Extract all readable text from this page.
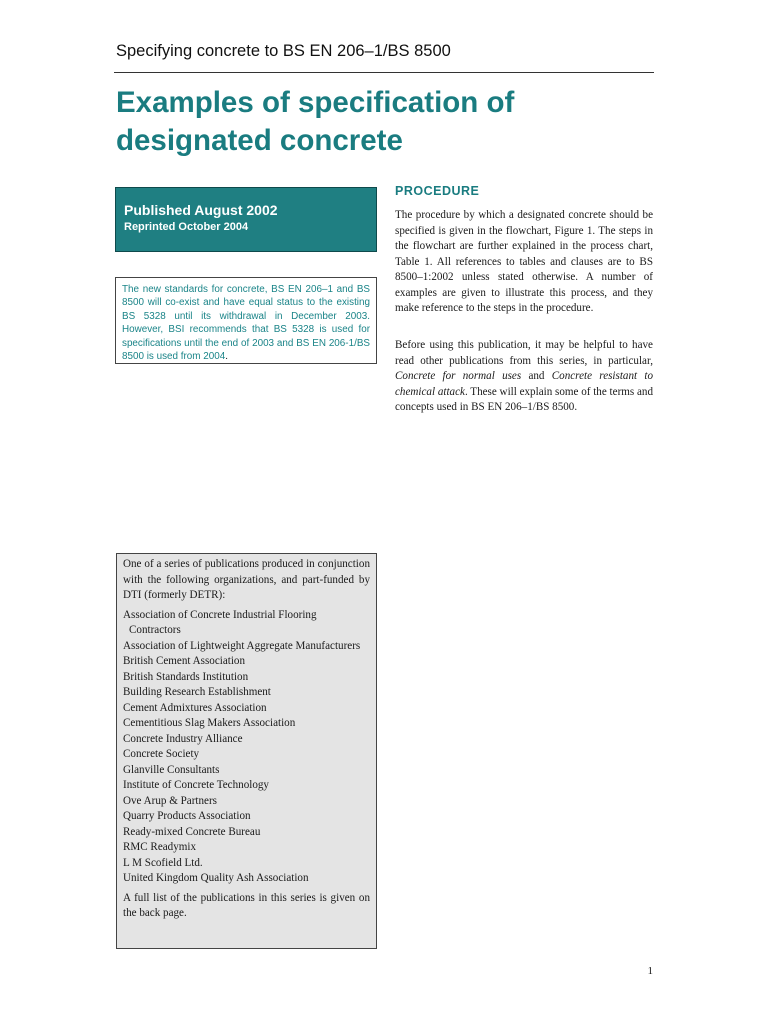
Specifying concrete to BS EN 206–1/BS 8500
Examples of specification of
designated concrete
Published August 2002
Reprinted October 2004
The new standards for concrete, BS EN 206–1 and BS 8500 will co-exist and have equal status to the existing BS 5328 until its withdrawal in December 2003. However, BSI recommends that BS 5328 is used for specifications until the end of 2003 and BS EN 206-1/BS 8500 is used from 2004.
PROCEDURE

The procedure by which a designated concrete should be specified is given in the flowchart, Figure 1. The steps in the flowchart are further explained in the process chart, Table 1. All references to tables and clauses are to BS 8500–1:2002 unless stated otherwise. A number of examples are given to illustrate this process, and they make reference to the steps in the procedure.

Before using this publication, it may be helpful to have read other publications from this series, in particular, Concrete for normal uses and Concrete resistant to chemical attack. These will explain some of the terms and concepts used in BS EN 206–1/BS 8500.

One of a series of publications produced in conjunction with the following organizations, and part-funded by DTI (formerly DETR):

Association of Concrete Industrial Flooring Contractors
Association of Lightweight Aggregate Manufacturers
British Cement Association
British Standards Institution
Building Research Establishment
Cement Admixtures Association
Cementitious Slag Makers Association
Concrete Industry Alliance
Concrete Society
Glanville Consultants
Institute of Concrete Technology
Ove Arup & Partners
Quarry Products Association
Ready-mixed Concrete Bureau
RMC Readymix
L M Scofield Ltd.
United Kingdom Quality Ash Association

A full list of the publications in this series is given on the back page.

1
